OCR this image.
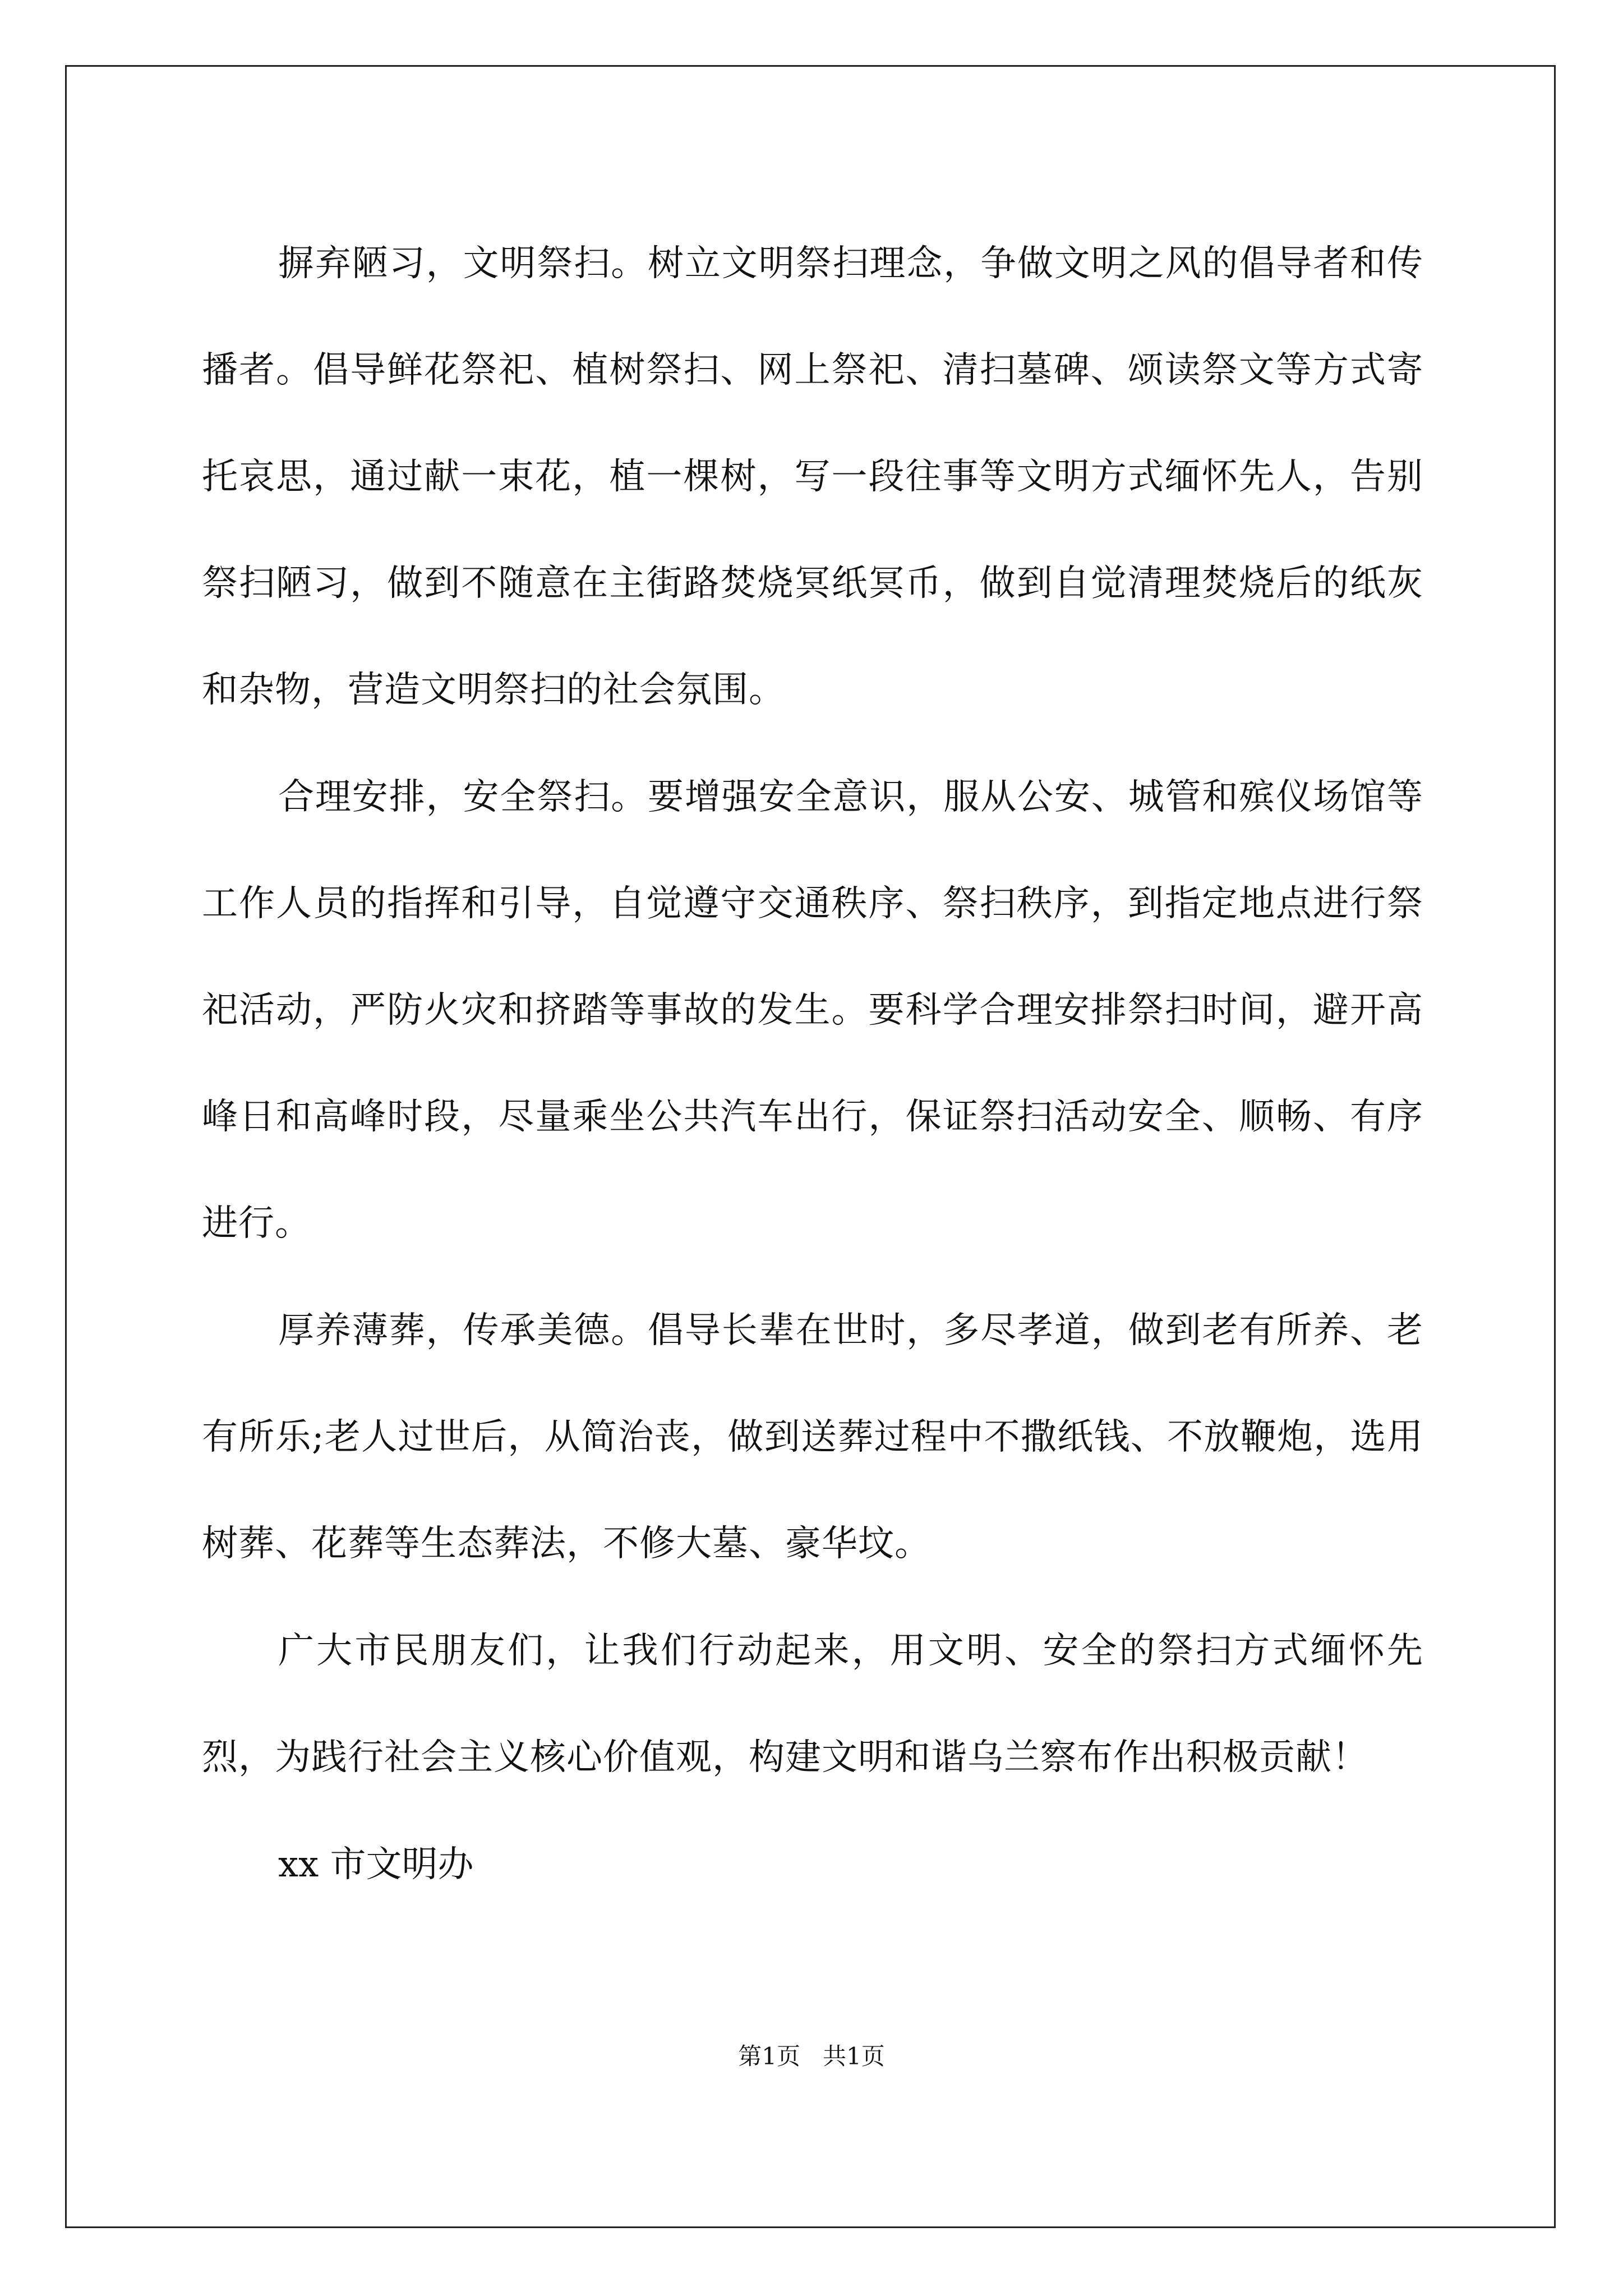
摒弃陋习，文明祭扫。树立文明祭扫理念，争做文明之风的倡导者和传播者。倡导鲜花祭祀、植树祭扫、网上祭祀、清扫墓碑、颂读祭文等方式寄托哀思，通过献一束花，植一棵树，写一段往事等文明方式缅怀先人，告别祭扫陋习，做到不随意在主街路焚烧冥纸冥币，做到自觉清理焚烧后的纸灰和杂物，营造文明祭扫的社会氛围。

合理安排，安全祭扫。要增强安全意识，服从公安、城管和殡仪场馆等工作人员的指挥和引导，自觉遵守交通秩序、祭扫秩序，到指定地点进行祭祀活动，严防火灾和挤踏等事故的发生。要科学合理安排祭扫时间，避开高峰日和高峰时段，尽量乘坐公共汽车出行，保证祭扫活动安全、顺畅、有序进行。

厚养薄葬，传承美德。倡导长辈在世时，多尽孝道，做到老有所养、老有所乐;老人过世后，从简治丧，做到送葬过程中不撒纸钱、不放鞭炮，选用树葬、花葬等生态葬法，不修大墓、豪华坟。

广大市民朋友们，让我们行动起来，用文明、安全的祭扫方式缅怀先烈，为践行社会主义核心价值观，构建文明和谐乌兰察布作出积极贡献！

xx 市文明办

第1页 共1页
